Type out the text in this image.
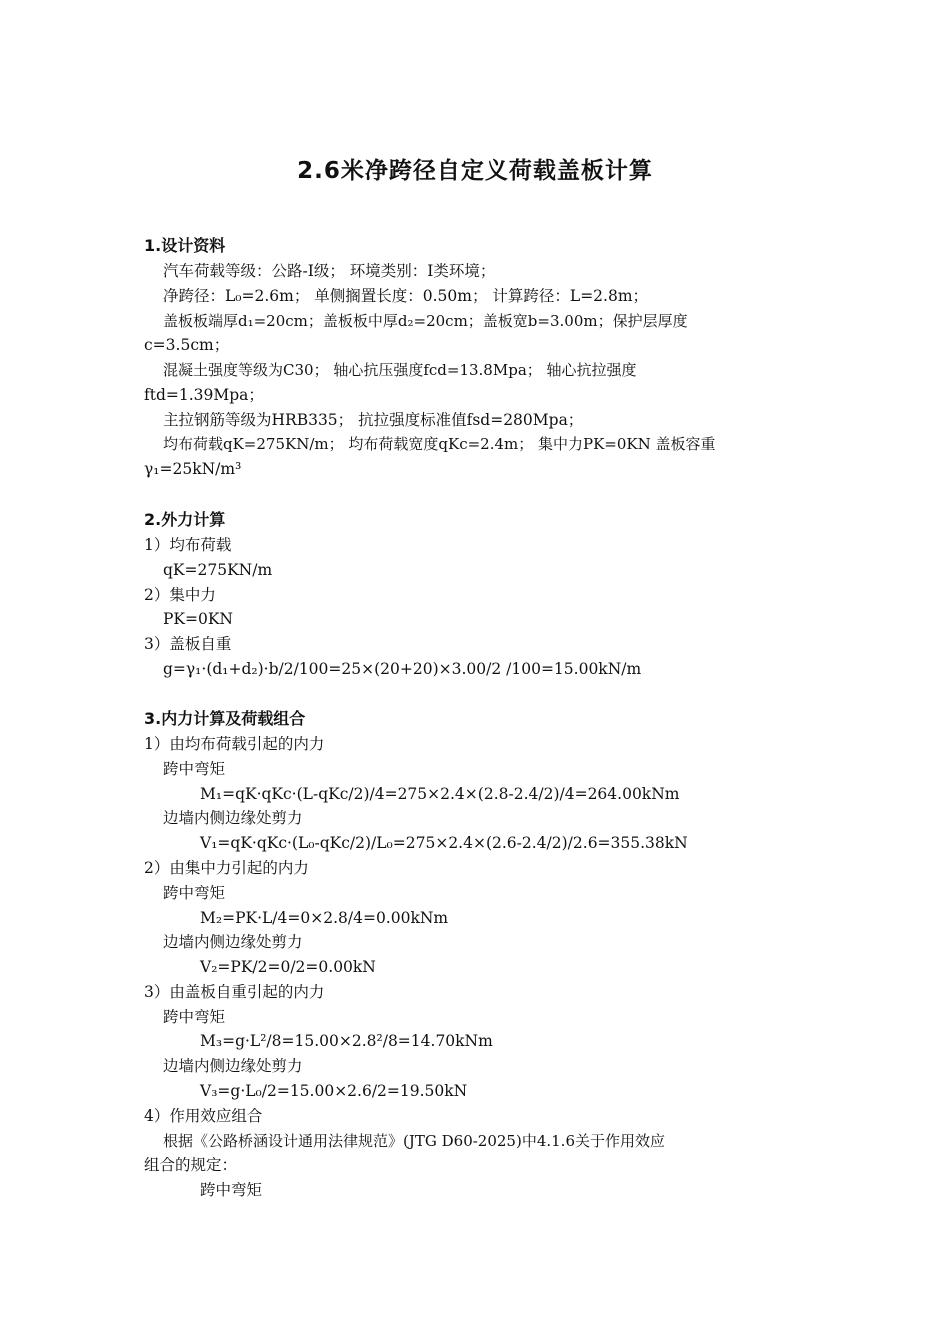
2.6米净跨径自定义荷载盖板计算
1.设计资料
汽车荷载等级：公路-I级； 环境类别：I类环境；
净跨径：L₀=2.6m； 单侧搁置长度：0.50m； 计算跨径：L=2.8m；
盖板板端厚d₁=20cm；盖板板中厚d₂=20cm；盖板宽b=3.00m；保护层厚度
c=3.5cm；
混凝土强度等级为C30； 轴心抗压强度fcd=13.8Mpa； 轴心抗拉强度
ftd=1.39Mpa；
主拉钢筋等级为HRB335； 抗拉强度标准值fsd=280Mpa；
均布荷载qK=275KN/m； 均布荷载宽度qKc=2.4m； 集中力PK=0KN 盖板容重
γ₁=25kN/m³
2.外力计算
1）均布荷载
qK=275KN/m
2）集中力
PK=0KN
3）盖板自重
g=γ₁·(d₁+d₂)·b/2/100=25×(20+20)×3.00/2 /100=15.00kN/m
3.内力计算及荷载组合
1）由均布荷载引起的内力
跨中弯矩
M₁=qK·qKc·(L-qKc/2)/4=275×2.4×(2.8-2.4/2)/4=264.00kNm
边墙内侧边缘处剪力
V₁=qK·qKc·(L₀-qKc/2)/L₀=275×2.4×(2.6-2.4/2)/2.6=355.38kN
2）由集中力引起的内力
跨中弯矩
M₂=PK·L/4=0×2.8/4=0.00kNm
边墙内侧边缘处剪力
V₂=PK/2=0/2=0.00kN
3）由盖板自重引起的内力
跨中弯矩
M₃=g·L²/8=15.00×2.8²/8=14.70kNm
边墙内侧边缘处剪力
V₃=g·L₀/2=15.00×2.6/2=19.50kN
4）作用效应组合
根据《公路桥涵设计通用法律规范》(JTG D60-2025)中4.1.6关于作用效应
组合的规定：
跨中弯矩
